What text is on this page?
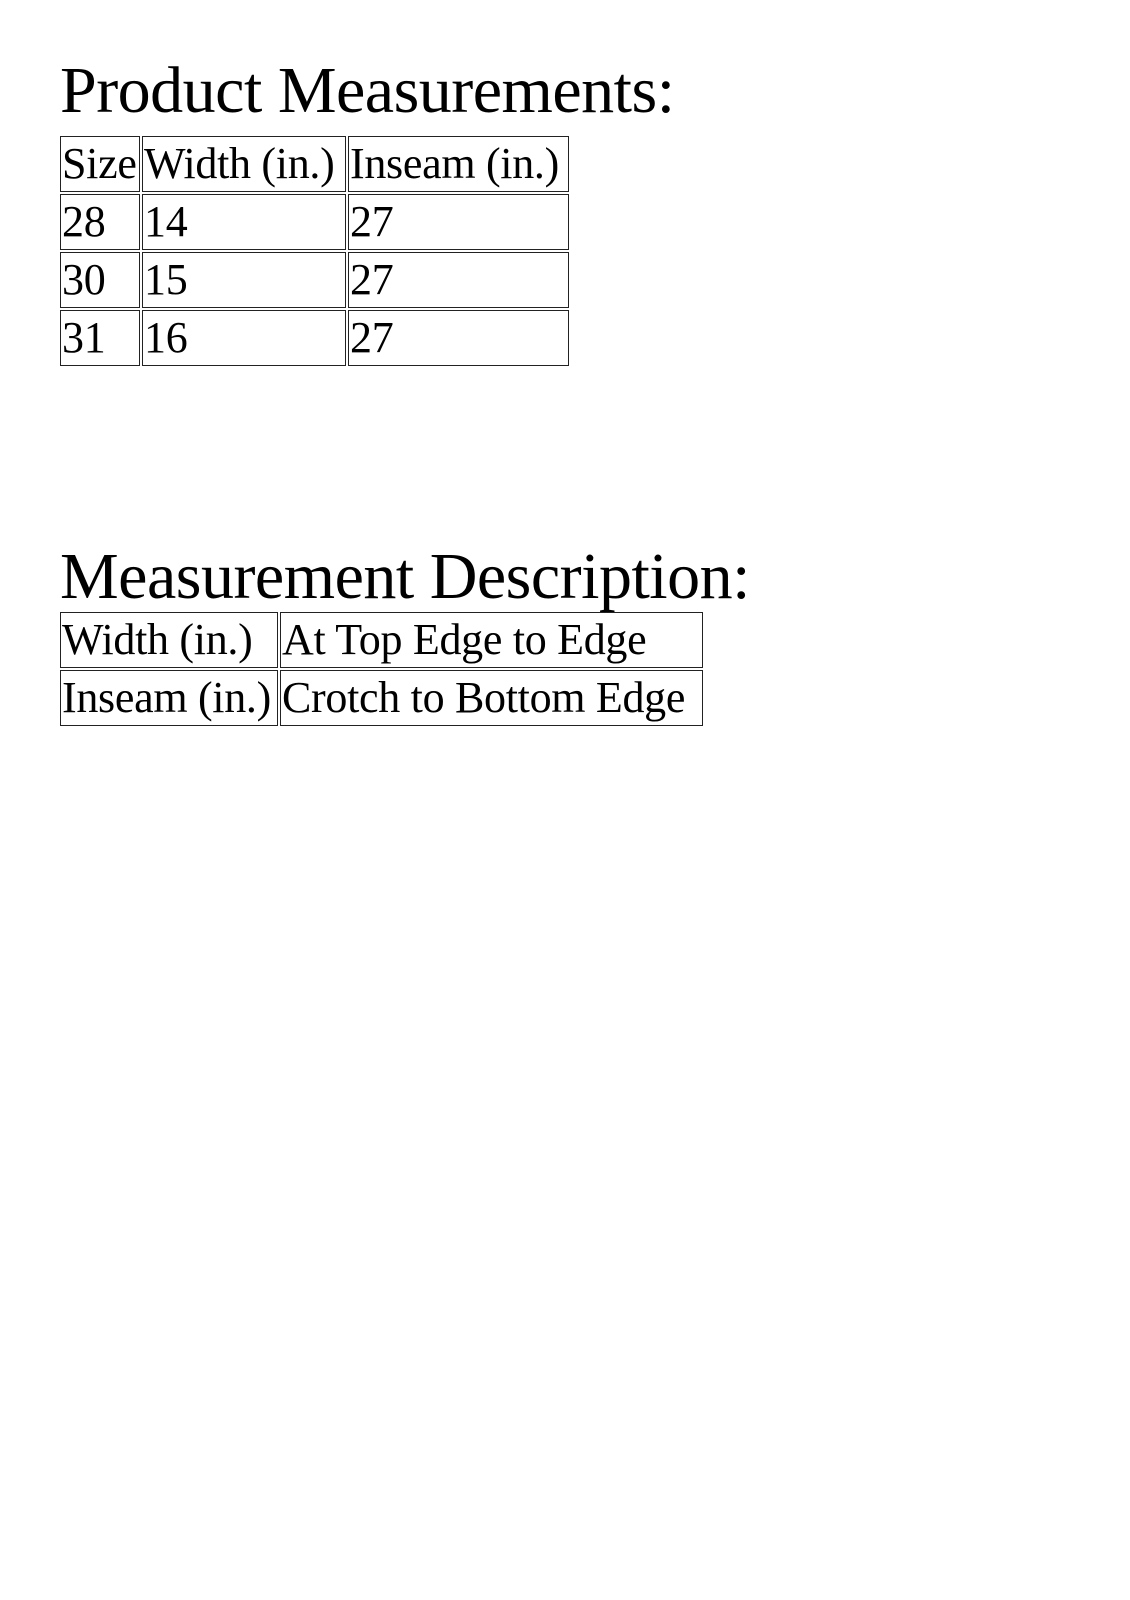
Product Measurements:
Size	Width (in.)	Inseam (in.)
28	14	27
30	15	27
31	16	27
Measurement Description:
Width (in.)	At Top Edge to Edge
Inseam (in.)	Crotch to Bottom Edge
